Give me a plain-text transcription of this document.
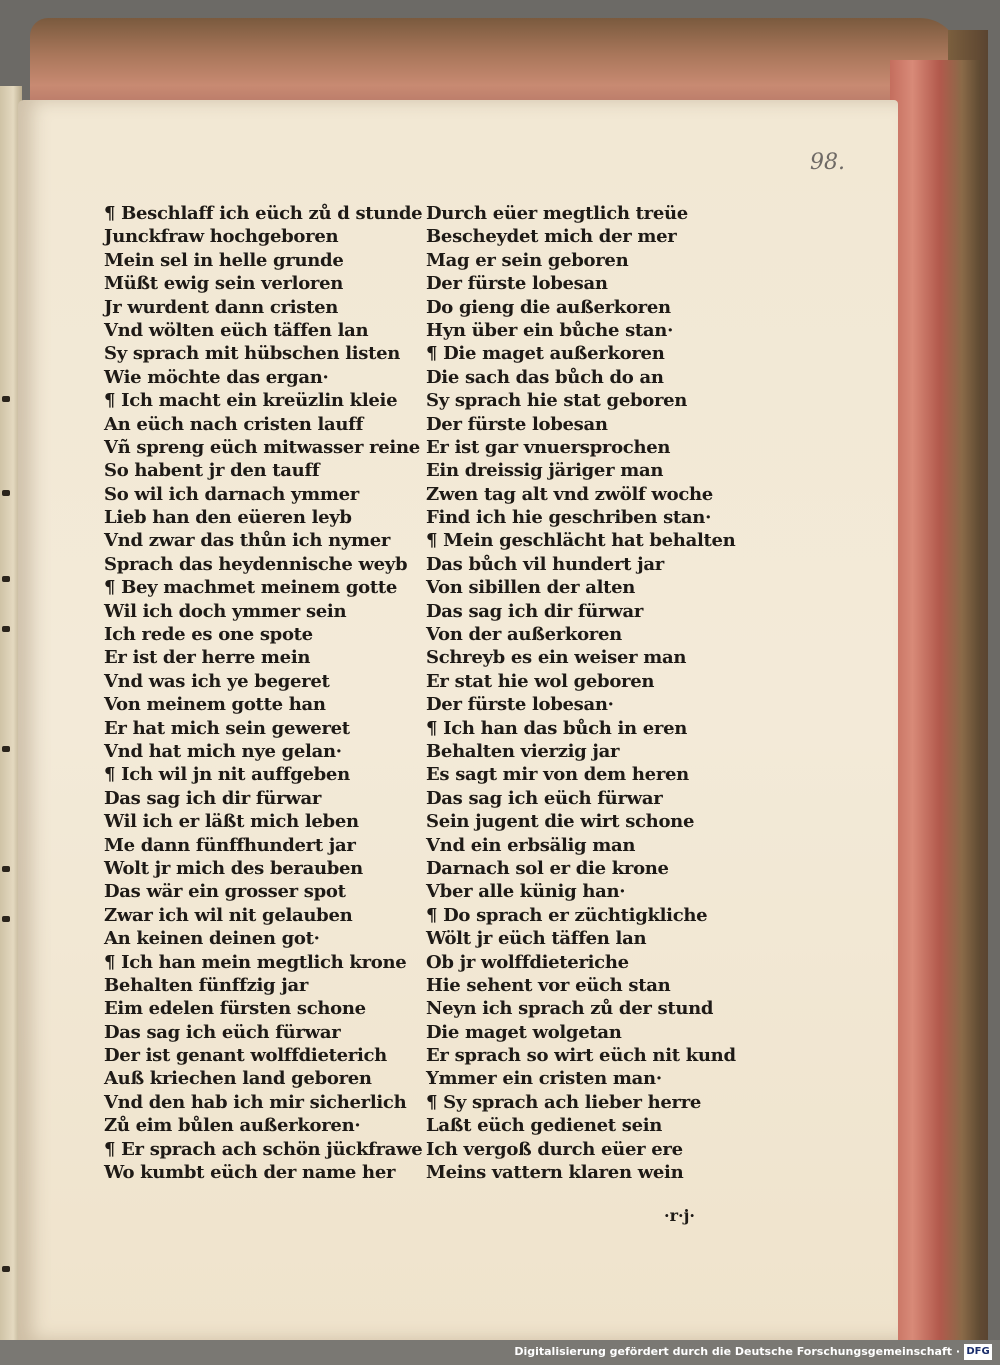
98.
¶ Beschlaff ich eüch zů d stunde
Junckfraw hochgeboren
Mein sel in helle grunde
Müßt ewig sein verloren
Jr wurdent dann cristen
Vnd wölten eüch täffen lan
Sy sprach mit hübschen listen
Wie möchte das ergan·
¶ Ich macht ein kreüzlin kleie
An eüch nach cristen lauff
Vñ spreng eüch mitwasser reine
So habent jr den tauff
So wil ich darnach ymmer
Lieb han den eüeren leyb
Vnd zwar das thůn ich nymer
Sprach das heydennische weyb
¶ Bey machmet meinem gotte
Wil ich doch ymmer sein
Ich rede es one spote
Er ist der herre mein
Vnd was ich ye begeret
Von meinem gotte han
Er hat mich sein geweret
Vnd hat mich nye gelan·
¶ Ich wil jn nit auffgeben
Das sag ich dir fürwar
Wil ich er läßt mich leben
Me dann fünffhundert jar
Wolt jr mich des berauben
Das wär ein grosser spot
Zwar ich wil nit gelauben
An keinen deinen got·
¶ Ich han mein megtlich krone
Behalten fünffzig jar
Eim edelen fürsten schone
Das sag ich eüch fürwar
Der ist genant wolffdieterich
Auß kriechen land geboren
Vnd den hab ich mir sicherlich
Zů eim bůlen außerkoren·
¶ Er sprach ach schön jückfrawe
Wo kumbt eüch der name her
Durch eüer megtlich treüe
Bescheydet mich der mer
Mag er sein geboren
Der fürste lobesan
Do gieng die außerkoren
Hyn über ein bůche stan·
¶ Die maget außerkoren
Die sach das bůch do an
Sy sprach hie stat geboren
Der fürste lobesan
Er ist gar vnuersprochen
Ein dreissig järiger man
Zwen tag alt vnd zwölf woche
Find ich hie geschriben stan·
¶ Mein geschlächt hat behalten
Das bůch vil hundert jar
Von sibillen der alten
Das sag ich dir fürwar
Von der außerkoren
Schreyb es ein weiser man
Er stat hie wol geboren
Der fürste lobesan·
¶ Ich han das bůch in eren
Behalten vierzig jar
Es sagt mir von dem heren
Das sag ich eüch fürwar
Sein jugent die wirt schone
Vnd ein erbsälig man
Darnach sol er die krone
Vber alle künig han·
¶ Do sprach er züchtigkliche
Wölt jr eüch täffen lan
Ob jr wolffdieteriche
Hie sehent vor eüch stan
Neyn ich sprach zů der stund
Die maget wolgetan
Er sprach so wirt eüch nit kund
Ymmer ein cristen man·
¶ Sy sprach ach lieber herre
Laßt eüch gedienet sein
Ich vergoß durch eüer ere
Meins vattern klaren wein
·r·j·
Digitalisierung gefördert durch die Deutsche Forschungsgemeinschaft · DFG
